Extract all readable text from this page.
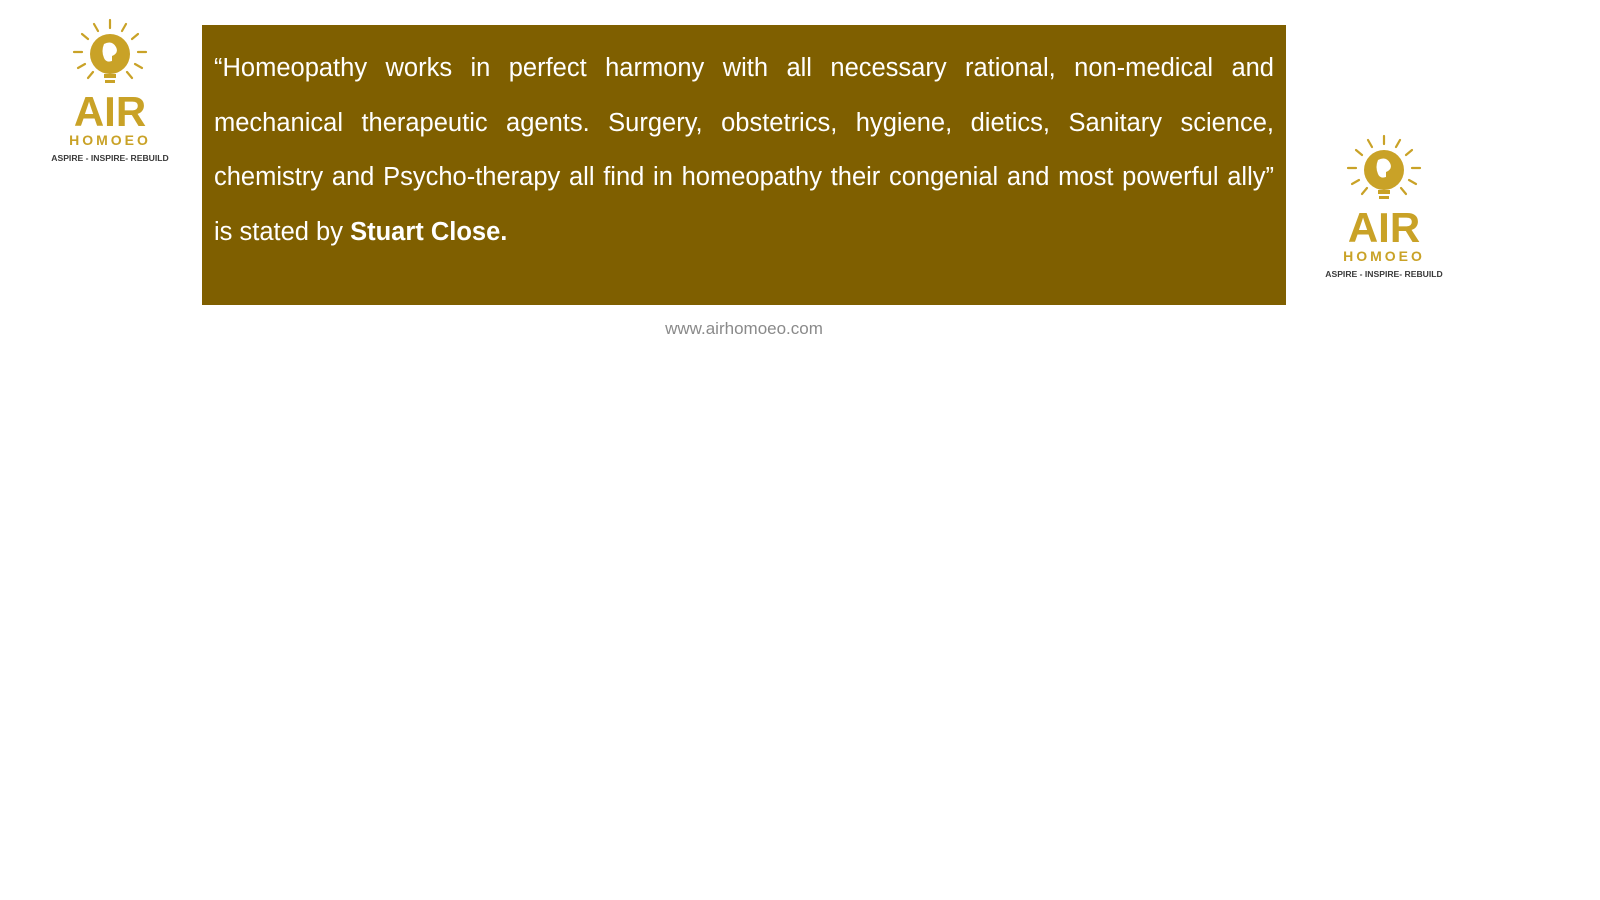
AIR
HOMOEO
ASPIRE - INSPIRE- REBUILD

“Homeopathy works in perfect harmony with all necessary rational, non-medical and mechanical therapeutic agents. Surgery, obstetrics, hygiene, dietics, Sanitary science, chemistry and Psycho-therapy all find in homeopathy their congenial and most powerful ally” is stated by Stuart Close.	AIR
HOMOEO
ASPIRE - INSPIRE- REBUILD
www.airhomoeo.com
